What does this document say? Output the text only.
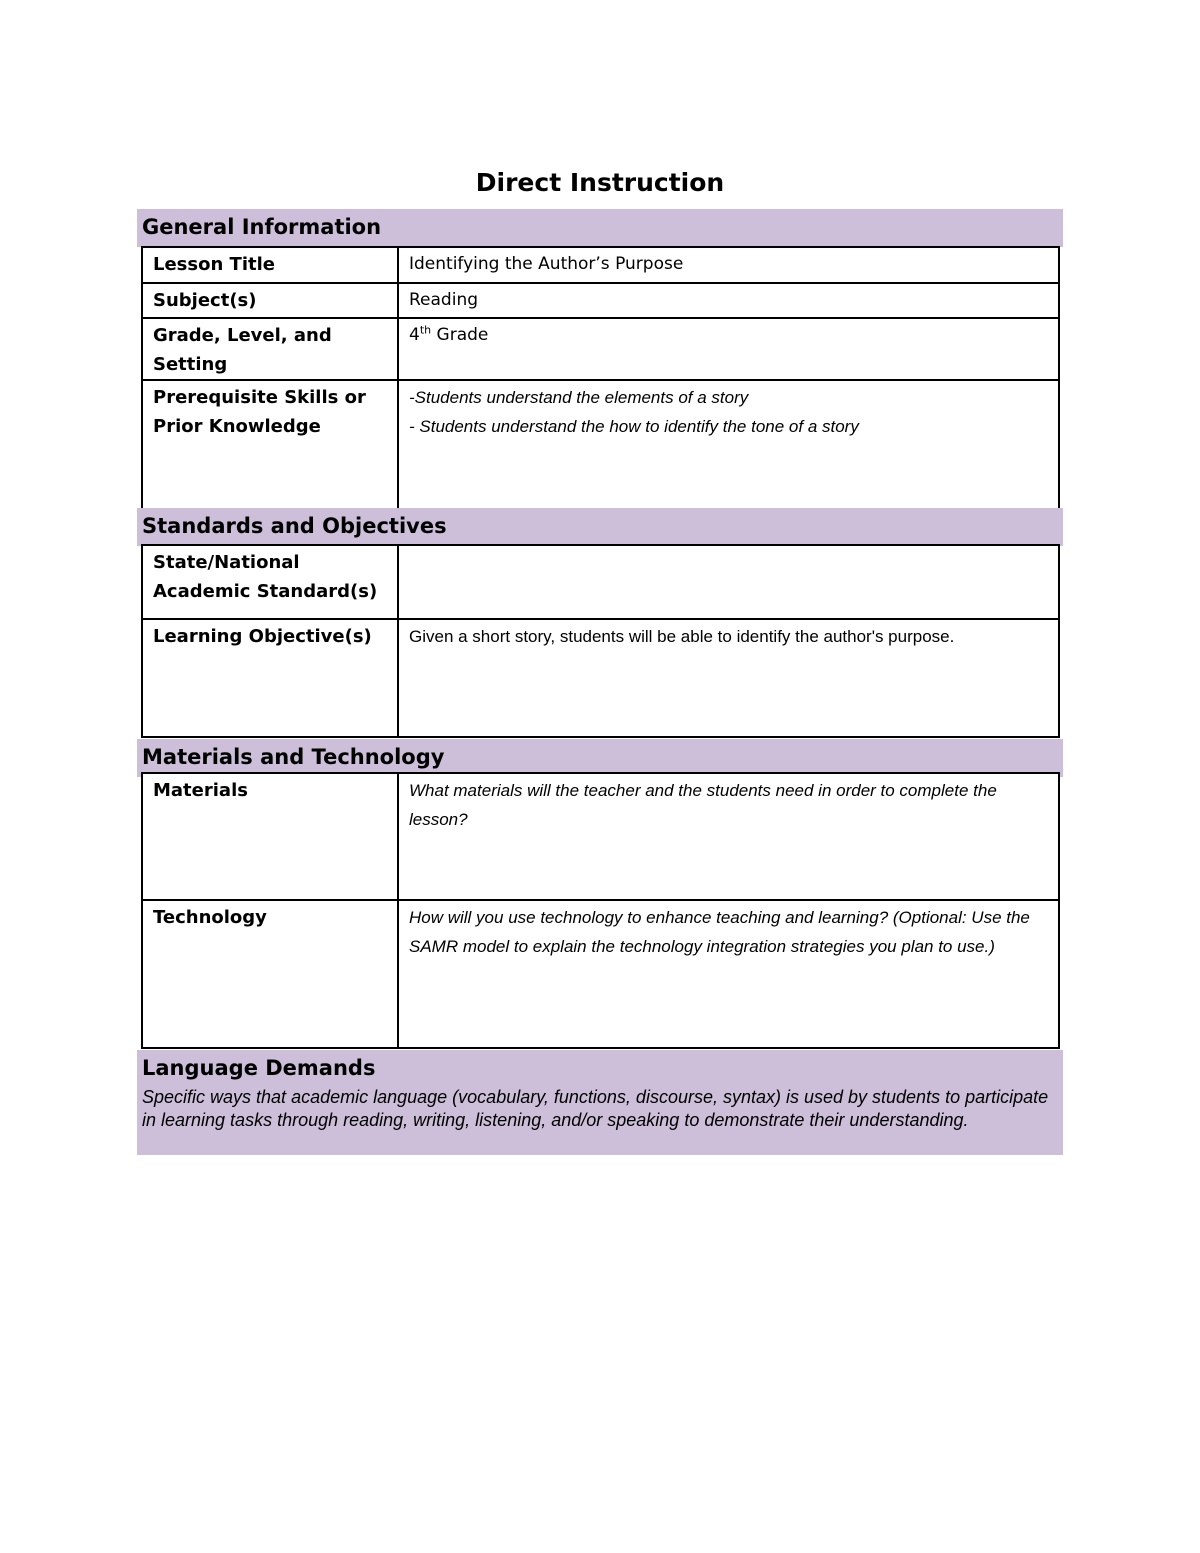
Direct Instruction
General Information
Lesson Title	Identifying the Author’s Purpose
Subject(s)	Reading
Grade, Level, and Setting	4th Grade
Prerequisite Skills or Prior Knowledge	-Students understand the elements of a story
- Students understand the how to identify the tone of a story
Standards and Objectives
State/National Academic Standard(s)	
Learning Objective(s)	Given a short story, students will be able to identify the author's purpose.
Materials and Technology
Materials	What materials will the teacher and the students need in order to complete the lesson?
Technology	How will you use technology to enhance teaching and learning? (Optional: Use the SAMR model to explain the technology integration strategies you plan to use.)
Language Demands

Specific ways that academic language (vocabulary, functions, discourse, syntax) is used by students to participate in learning tasks through reading, writing, listening, and/or speaking to demonstrate their understanding.
